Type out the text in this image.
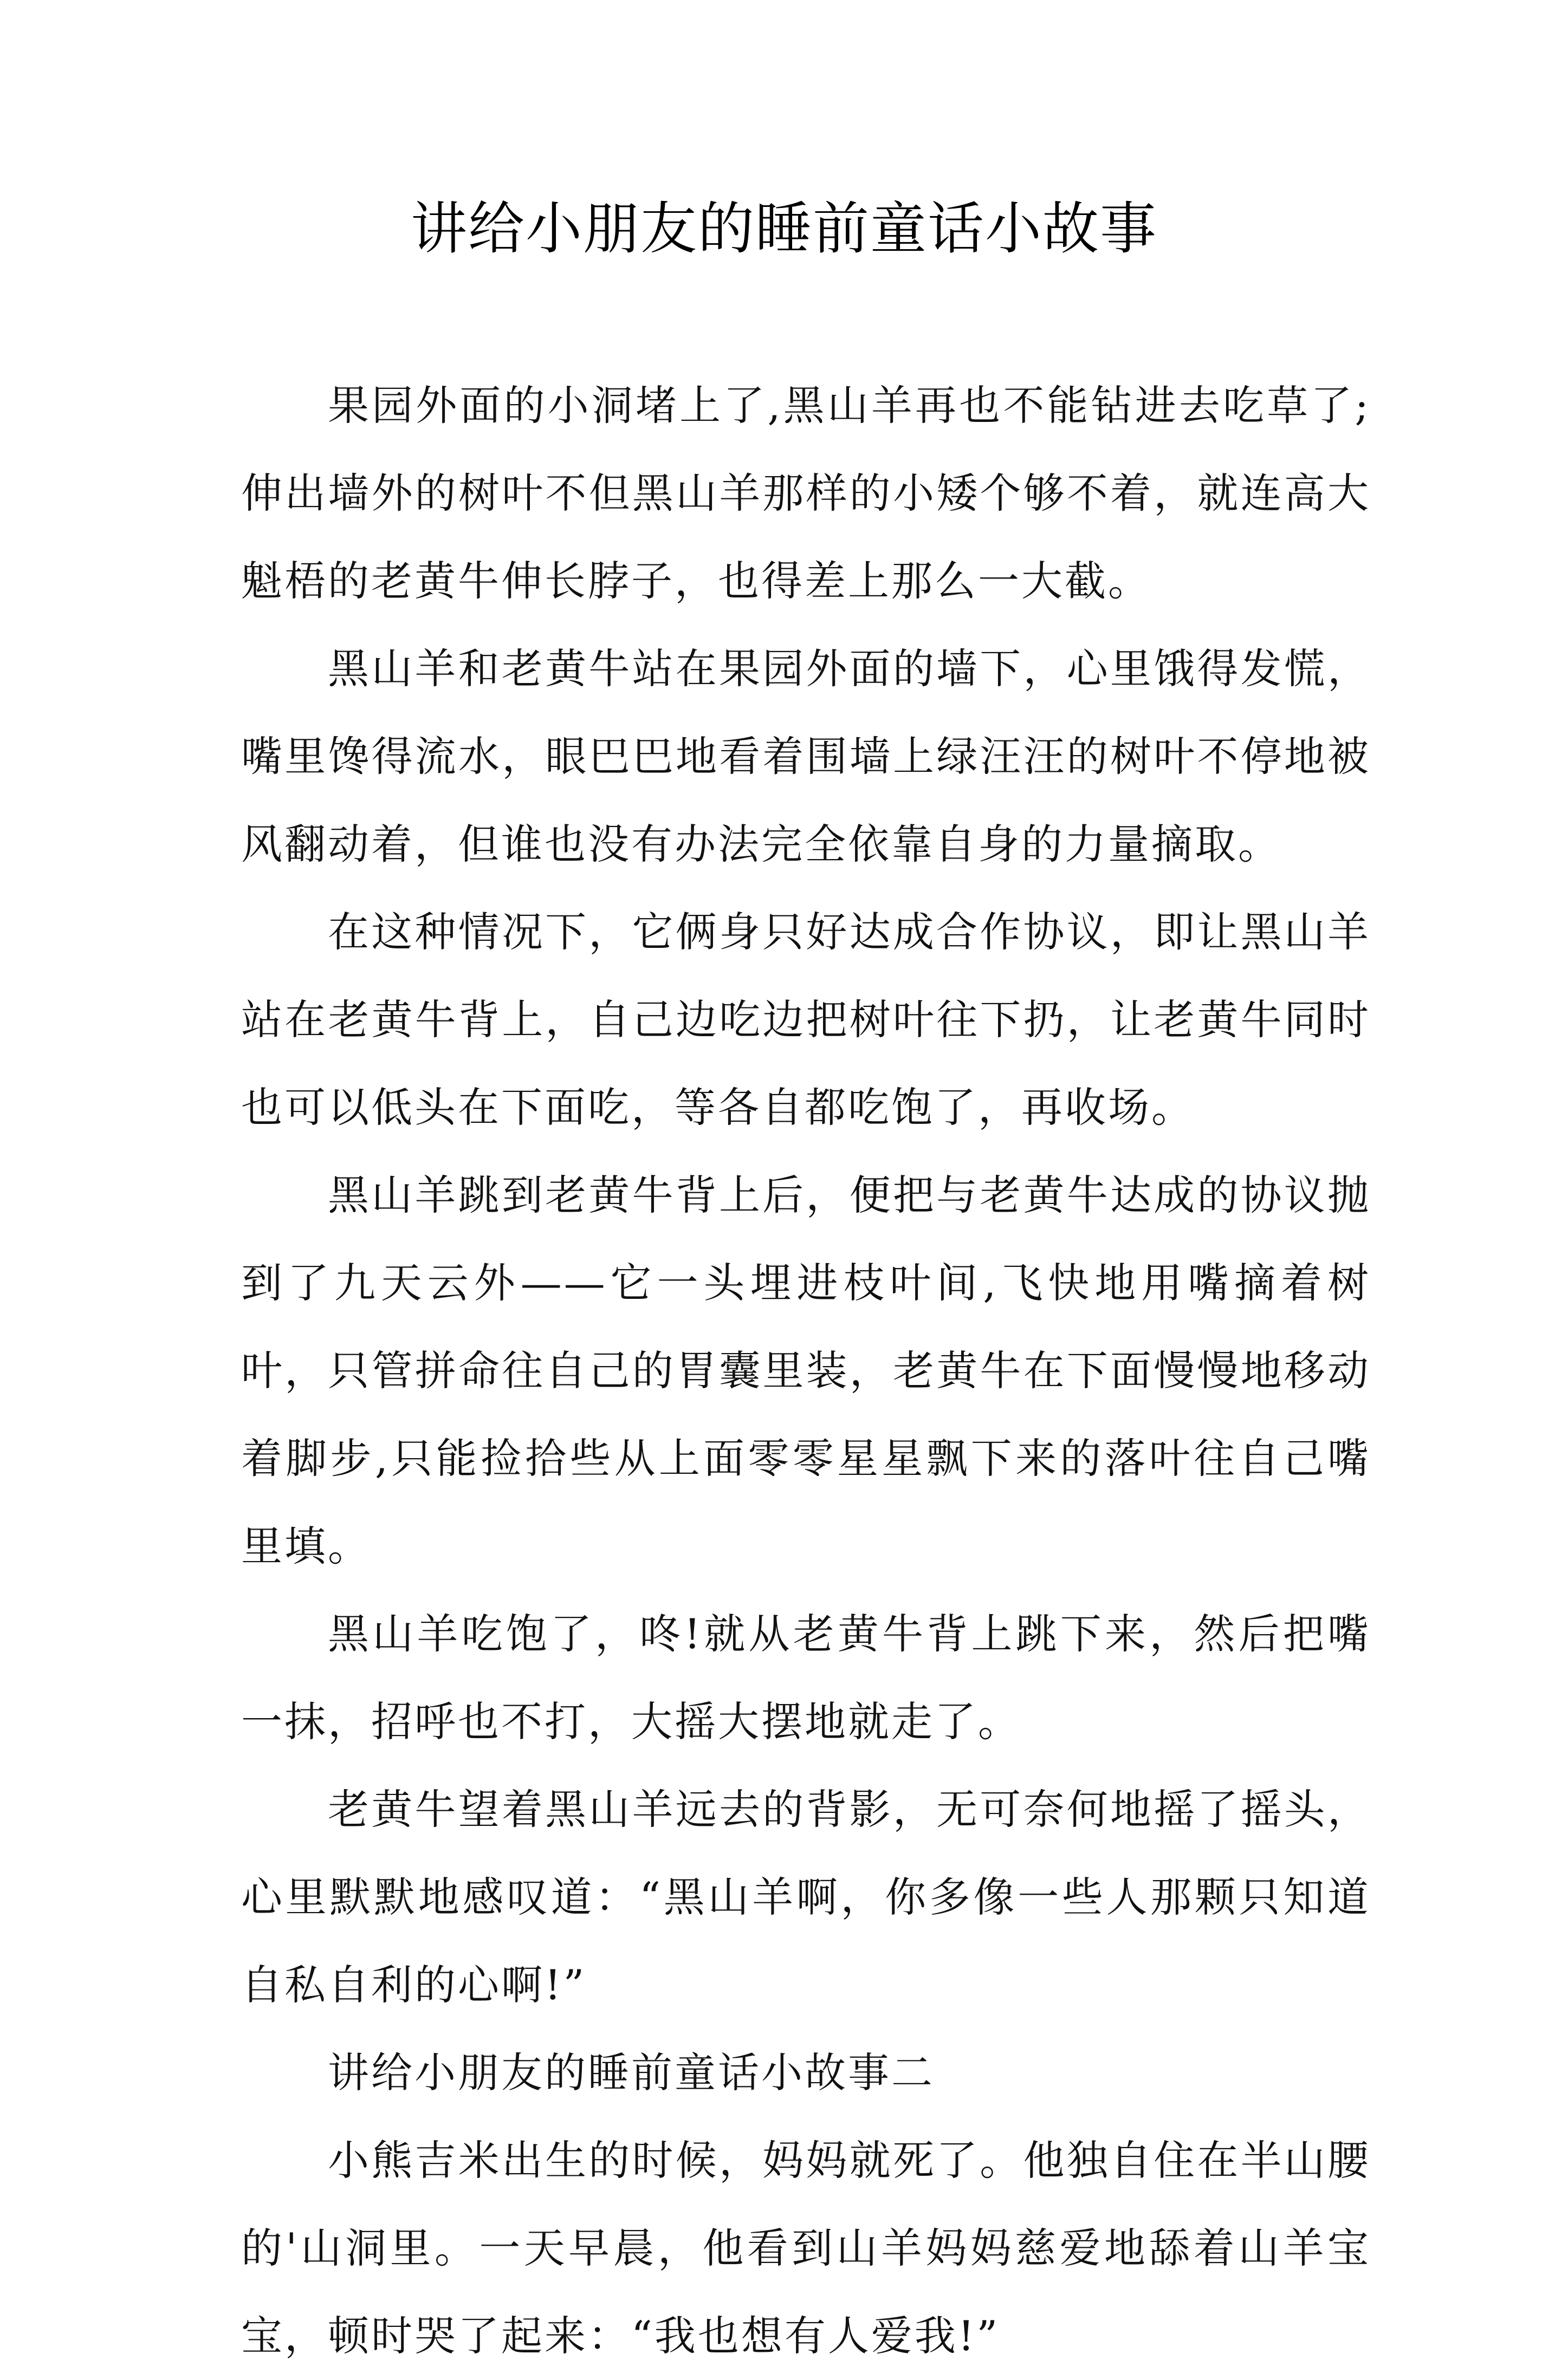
讲给小朋友的睡前童话小故事

果园外面的小洞堵上了,黑山羊再也不能钻进去吃草了;伸出墙外的树叶不但黑山羊那样的小矮个够不着，就连高大魁梧的老黄牛伸长脖子，也得差上那么一大截。

黑山羊和老黄牛站在果园外面的墙下，心里饿得发慌，嘴里馋得流水，眼巴巴地看着围墙上绿汪汪的树叶不停地被风翻动着，但谁也没有办法完全依靠自身的力量摘取。

在这种情况下，它俩身只好达成合作协议，即让黑山羊站在老黄牛背上，自己边吃边把树叶往下扔，让老黄牛同时也可以低头在下面吃，等各自都吃饱了，再收场。

黑山羊跳到老黄牛背上后，便把与老黄牛达成的协议抛到了九天云外——它一头埋进枝叶间,飞快地用嘴摘着树叶，只管拼命往自己的胃囊里装，老黄牛在下面慢慢地移动着脚步,只能捡拾些从上面零零星星飘下来的落叶往自己嘴里填。

黑山羊吃饱了，咚!就从老黄牛背上跳下来，然后把嘴一抹，招呼也不打，大摇大摆地就走了。

老黄牛望着黑山羊远去的背影，无可奈何地摇了摇头，心里默默地感叹道：“黑山羊啊，你多像一些人那颗只知道自私自利的心啊!”

讲给小朋友的睡前童话小故事二

小熊吉米出生的时候，妈妈就死了。他独自住在半山腰的'山洞里。一天早晨，他看到山羊妈妈慈爱地舔着山羊宝宝，顿时哭了起来：“我也想有人爱我!”
